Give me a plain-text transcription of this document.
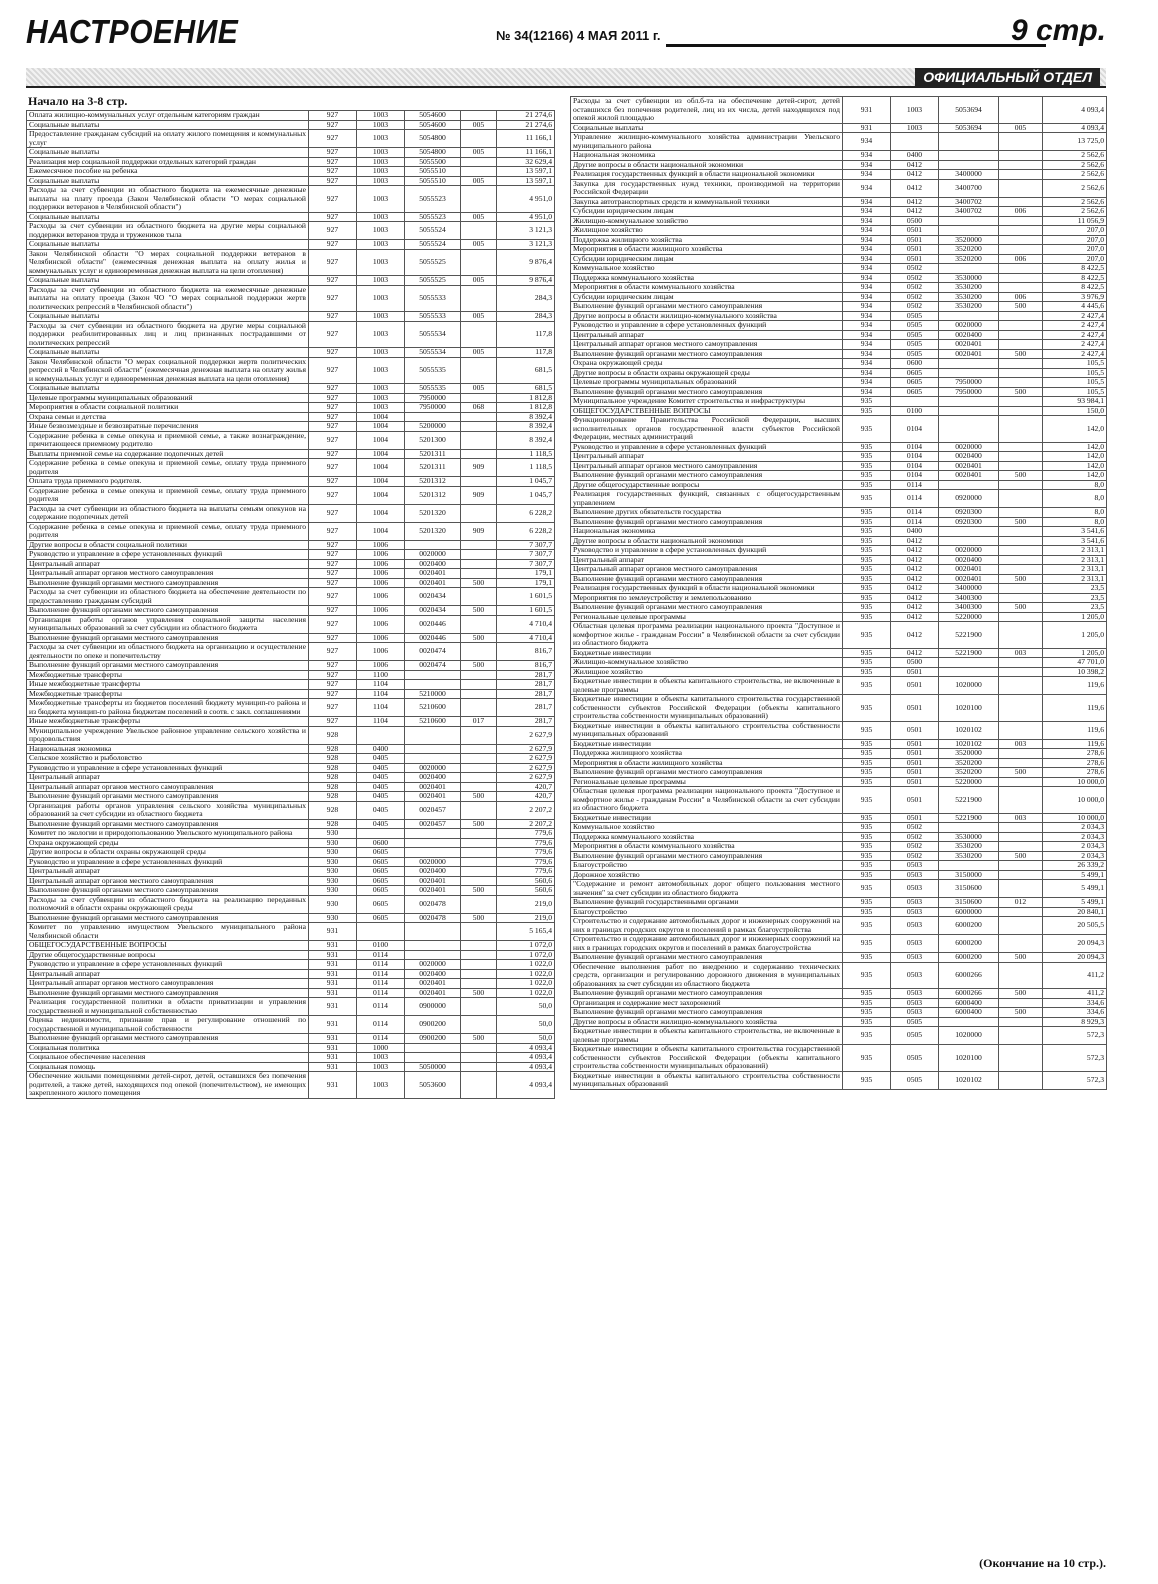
НАСТРОЕНИЕ	№ 34(12166) 4 МАЯ 2011 г.	9 стр.
ОФИЦИАЛЬНЫЙ ОТДЕЛ
Начало на 3-8 стр.
Оплата жилищно-коммунальных услуг отдельным категориям граждан	927	1003	5054600		21 274,6
Социальные выплаты	927	1003	5054600	005	21 274,6
Предоставление гражданам субсидий на оплату жилого помещения и коммунальных услуг	927	1003	5054800		11 166,1
Социальные выплаты	927	1003	5054800	005	11 166,1
Реализация мер социальной поддержки отдельных категорий граждан	927	1003	5055500		32 629,4
Ежемесячное пособие на ребенка	927	1003	5055510		13 597,1
Социальные выплаты	927	1003	5055510	005	13 597,1
Расходы за счет субвенции из областного бюджета на ежемесячные денежные выплаты на плату проезда (Закон Челябинской области "О мерах социальной поддержки ветеранов в Челябинской области")	927	1003	5055523		4 951,0
Социальные выплаты	927	1003	5055523	005	4 951,0
Расходы за счет субвенции из областного бюджета на другие меры социальной поддержки ветеранов труда и тружеников тыла	927	1003	5055524		3 121,3
Социальные выплаты	927	1003	5055524	005	3 121,3
Закон Челябинской области "О мерах социальной поддержки ветеранов в Челябинской области" (ежемесячная денежная выплата на оплату жилья и коммунальных услуг и единовременная денежная выплата на цели отопления)	927	1003	5055525		9 876,4
Социальные выплаты	927	1003	5055525	005	9 876,4
Расходы за счет субвенции из областного бюджета на ежемесячные денежные выплаты на оплату проезда (Закон ЧО "О мерах социальной поддержки жертв политических репрессий в Челябинской области")	927	1003	5055533		284,3
Социальные выплаты	927	1003	5055533	005	284,3
Расходы за счет субвенции из областного бюджета на другие меры социальной поддержки реабилитированных лиц и лиц признанных пострадавшими от политических репрессий	927	1003	5055534		117,8
Социальные выплаты	927	1003	5055534	005	117,8
Закон Челябинской области "О мерах социальной поддержки жертв политических репрессий в Челябинской области" (ежемесячная денежная выплата на оплату жилья и коммунальных услуг и единовременная денежная выплата на цели отопления)	927	1003	5055535		681,5
Социальные выплаты	927	1003	5055535	005	681,5
Целевые программы муниципальных образований	927	1003	7950000		1 812,8
Мероприятия в области социальной политики	927	1003	7950000	068	1 812,8
Охрана семьи и детства	927	1004			8 392,4
Иные безвозмездные и безвозвратные перечисления	927	1004	5200000		8 392,4
Содержание ребенка в семье опекуна и приемной семье, а также вознаграждение, причитающееся приемному родителю	927	1004	5201300		8 392,4
Выплаты приемной семье на содержание подопечных детей	927	1004	5201311		1 118,5
Содержание ребенка в семье опекуна и приемной семье, оплату труда приемного родителя	927	1004	5201311	909	1 118,5
Оплата труда приемного родителя.	927	1004	5201312		1 045,7
Содержание ребенка в семье опекуна и приемной семье, оплату труда приемного родителя	927	1004	5201312	909	1 045,7
Расходы за счет субвенции из областного бюджета на выплаты семьям опекунов на содержание подопечных детей	927	1004	5201320		6 228,2
Содержание ребенка в семье опекуна и приемной семье, оплату труда приемного родителя	927	1004	5201320	909	6 228,2
Другие вопросы в области социальной политики	927	1006			7 307,7
Руководство и управление в сфере установленных функций	927	1006	0020000		7 307,7
Центральный аппарат	927	1006	0020400		7 307,7
Центральный аппарат органов местного самоуправления	927	1006	0020401		179,1
Выполнение функций органами местного самоуправления	927	1006	0020401	500	179,1
Расходы за счет субвенции из областного бюджета на обеспечение деятельности по предоставлению гражданам субсидий	927	1006	0020434		1 601,5
Выполнение функций органами местного самоуправления	927	1006	0020434	500	1 601,5
Организация работы органов управления социальной защиты населения муниципальных образований за счет субсидии из областного бюджета	927	1006	0020446		4 710,4
Выполнение функций органами местного самоуправления	927	1006	0020446	500	4 710,4
Расходы за счет субвенции из областного бюджета на организацию и осуществление деятельности по опеке и попечительству	927	1006	0020474		816,7
Выполнение функций органами местного самоуправления	927	1006	0020474	500	816,7
Межбюджетные трансферты	927	1100			281,7
Иные межбюджетные трансферты	927	1104			281,7
Межбюджетные трансферты	927	1104	5210000		281,7
Межбюджетные трансферты из бюджетов поселений бюджету муницип-го района и из бюджета муницип-го района бюджетам поселений в соотв. с закл. соглашениями	927	1104	5210600		281,7
Иные межбюджетные трансферты	927	1104	5210600	017	281,7
Муниципальное учреждение Увельское районное управление сельского хозяйства и продовольствия	928				2 627,9
Национальная экономика	928	0400			2 627,9
Сельское хозяйство и рыболовство	928	0405			2 627,9
Руководство и управление в сфере установленных функций	928	0405	0020000		2 627,9
Центральный аппарат	928	0405	0020400		2 627,9
Центральный аппарат органов местного самоуправления	928	0405	0020401		420,7
Выполнение функций органами местного самоуправления	928	0405	0020401	500	420,7
Организация работы органов управления сельского хозяйства муниципальных образований за счет субсидии из областного бюджета	928	0405	0020457		2 207,2
Выполнение функций органами местного самоуправления	928	0405	0020457	500	2 207,2
Комитет по экологии и природопользованию Увельского муниципального района	930				779,6
Охрана окружающей среды	930	0600			779,6
Другие вопросы в области охраны окружающей среды	930	0605			779,6
Руководство и управление в сфере установленных функций	930	0605	0020000		779,6
Центральный аппарат	930	0605	0020400		779,6
Центральный аппарат органов местного самоуправления	930	0605	0020401		560,6
Выполнение функций органами местного самоуправления	930	0605	0020401	500	560,6
Расходы за счет субвенции из областного бюджета на реализацию переданных полномочий в области охраны окружающей среды	930	0605	0020478		219,0
Выполнение функций органами местного самоуправления	930	0605	0020478	500	219,0
Комитет по управлению имуществом Увельского муниципального района Челябинской области	931				5 165,4
ОБЩЕГОСУДАРСТВЕННЫЕ ВОПРОСЫ	931	0100			1 072,0
Другие общегосударственные вопросы	931	0114			1 072,0
Руководство и управление в сфере установленных функций	931	0114	0020000		1 022,0
Центральный аппарат	931	0114	0020400		1 022,0
Центральный аппарат органов местного самоуправления	931	0114	0020401		1 022,0
Выполнение функций органами местного самоуправления	931	0114	0020401	500	1 022,0
Реализация государственной политики в области приватизации и управления государственной и муниципальной собственностью	931	0114	0900000		50,0
Оценка недвижимости, признание прав и регулирование отношений по государственной и муниципальной собственности	931	0114	0900200		50,0
Выполнение функций органами местного самоуправления	931	0114	0900200	500	50,0
Социальная политика	931	1000			4 093,4
Социальное обеспечение населения	931	1003			4 093,4
Социальная помощь	931	1003	5050000		4 093,4
Обеспечение жилыми помещениями детей-сирот, детей, оставшихся без попечения родителей, а также детей, находящихся под опекой (попечительством), не имеющих закрепленного жилого помещения	931	1003	5053600		4 093,4
Расходы за счет субвенции из обл.б-та на обеспечение детей-сирот, детей оставшихся без попечения родителей, лиц из их числа, детей находящихся под опекой жилой площадью	931	1003	5053694		4 093,4
Социальные выплаты	931	1003	5053694	005	4 093,4
Управление жилищно-коммунального хозяйства администрации Увельского муниципального района	934				13 725,0
Национальная экономика	934	0400			2 562,6
Другие вопросы в области национальной экономики	934	0412			2 562,6
Реализация государственных функций в области национальной экономики	934	0412	3400000		2 562,6
Закупка для государственных нужд техники, производимой на территории Российской Федерации	934	0412	3400700		2 562,6
Закупка автотранспортных средств и коммунальной техники	934	0412	3400702		2 562,6
Субсидии юридическим лицам	934	0412	3400702	006	2 562,6
Жилищно-коммунальное хозяйство	934	0500			11 056,9
Жилищное хозяйство	934	0501			207,0
Поддержка жилищного хозяйства	934	0501	3520000		207,0
Мероприятия в области жилищного хозяйства	934	0501	3520200		207,0
Субсидии юридическим лицам	934	0501	3520200	006	207,0
Коммунальное хозяйство	934	0502			8 422,5
Поддержка коммунального хозяйства	934	0502	3530000		8 422,5
Мероприятия в области коммунального хозяйства	934	0502	3530200		8 422,5
Субсидии юридическим лицам	934	0502	3530200	006	3 976,9
Выполнение функций органами местного самоуправления	934	0502	3530200	500	4 445,6
Другие вопросы в области жилищно-коммунального хозяйства	934	0505			2 427,4
Руководство и управление в сфере установленных функций	934	0505	0020000		2 427,4
Центральный аппарат	934	0505	0020400		2 427,4
Центральный аппарат органов местного самоуправления	934	0505	0020401		2 427,4
Выполнение функций органами местного самоуправления	934	0505	0020401	500	2 427,4
Охрана окружающей среды	934	0600			105,5
Другие вопросы в области охраны окружающей среды	934	0605			105,5
Целевые программы муниципальных образований	934	0605	7950000		105,5
Выполнение функций органами местного самоуправления	934	0605	7950000	500	105,5
Муниципальное учреждение Комитет строительства и инфраструктуры	935				93 984,1
ОБЩЕГОСУДАРСТВЕННЫЕ ВОПРОСЫ	935	0100			150,0
Функционирование Правительства Российской Федерации, высших исполнительных органов государственной власти субъектов Российской Федерации, местных администраций	935	0104			142,0
Руководство и управление в сфере установленных функций	935	0104	0020000		142,0
Центральный аппарат	935	0104	0020400		142,0
Центральный аппарат органов местного самоуправления	935	0104	0020401		142,0
Выполнение функций органами местного самоуправления	935	0104	0020401	500	142,0
Другие общегосударственные вопросы	935	0114			8,0
Реализация государственных функций, связанных с общегосударственным управлением	935	0114	0920000		8,0
Выполнение других обязательств государства	935	0114	0920300		8,0
Выполнение функций органами местного самоуправления	935	0114	0920300	500	8,0
Национальная экономика	935	0400			3 541,6
Другие вопросы в области национальной экономики	935	0412			3 541,6
Руководство и управление в сфере установленных функций	935	0412	0020000		2 313,1
Центральный аппарат	935	0412	0020400		2 313,1
Центральный аппарат органов местного самоуправления	935	0412	0020401		2 313,1
Выполнение функций органами местного самоуправления	935	0412	0020401	500	2 313,1
Реализация государственных функций в области национальной экономики	935	0412	3400000		23,5
Мероприятия по землеустройству и землепользованию	935	0412	3400300		23,5
Выполнение функций органами местного самоуправления	935	0412	3400300	500	23,5
Региональные целевые программы	935	0412	5220000		1 205,0
Областная целевая программа реализации национального проекта "Доступное и комфортное жилье - гражданам России" в Челябинской области за счет субсидии из областного бюджета	935	0412	5221900		1 205,0
Бюджетные инвестиции	935	0412	5221900	003	1 205,0
Жилищно-коммунальное хозяйство	935	0500			47 701,0
Жилищное хозяйство	935	0501			10 398,2
Бюджетные инвестиции в объекты капитального строительства, не включенные в целевые программы	935	0501	1020000		119,6
Бюджетные инвестиции в объекты капитального строительства государственной собственности субъектов Российской Федерации (объекты капитального строительства собственности муниципальных образований)	935	0501	1020100		119,6
Бюджетные инвестиции в объекты капитального строительства собственности муниципальных образований	935	0501	1020102		119,6
Бюджетные инвестиции	935	0501	1020102	003	119,6
Поддержка жилищного хозяйства	935	0501	3520000		278,6
Мероприятия в области жилищного хозяйства	935	0501	3520200		278,6
Выполнение функций органами местного самоуправления	935	0501	3520200	500	278,6
Региональные целевые программы	935	0501	5220000		10 000,0
Областная целевая программа реализации национального проекта "Доступное и комфортное жилье - гражданам России" в Челябинской области за счет субсидии из областного бюджета	935	0501	5221900		10 000,0
Бюджетные инвестиции	935	0501	5221900	003	10 000,0
Коммунальное хозяйство	935	0502			2 034,3
Поддержка коммунального хозяйства	935	0502	3530000		2 034,3
Мероприятия в области коммунального хозяйства	935	0502	3530200		2 034,3
Выполнение функций органами местного самоуправления	935	0502	3530200	500	2 034,3
Благоустройство	935	0503			26 339,2
Дорожное хозяйство	935	0503	3150000		5 499,1
"Содержание и ремонт автомобильных дорог общего пользования местного значения" за счет субсидии из областного бюджета	935	0503	3150600		5 499,1
Выполнение функций государственными органами	935	0503	3150600	012	5 499,1
Благоустройство	935	0503	6000000		20 840,1
Строительство и содержание автомобильных дорог и инженерных сооружений на них в границах городских округов и поселений в рамках благоустройства	935	0503	6000200		20 505,5
Строительство и содержание автомобильных дорог и инженерных сооружений на них в границах городских округов и поселений в рамках благоустройства	935	0503	6000200		20 094,3
Выполнение функций органами местного самоуправления	935	0503	6000200	500	20 094,3
Обеспечение выполнения работ по внедрению и содержанию технических средств, организации и регулированию дорожного движения в муниципальных образованиях за счет субсидии из областного бюджета	935	0503	6000266		411,2
Выполнение функций органами местного самоуправления	935	0503	6000266	500	411,2
Организация и содержание мест захоронений	935	0503	6000400		334,6
Выполнение функций органами местного самоуправления	935	0503	6000400	500	334,6
Другие вопросы в области жилищно-коммунального хозяйства	935	0505			8 929,3
Бюджетные инвестиции в объекты капитального строительства, не включенные в целевые программы	935	0505	1020000		572,3
Бюджетные инвестиции в объекты капитального строительства государственной собственности субъектов Российской Федерации (объекты капитального строительства собственности муниципальных образований)	935	0505	1020100		572,3
Бюджетные инвестиции в объекты капитального строительства собственности муниципальных образований	935	0505	1020102		572,3
(Окончание на 10 стр.).
